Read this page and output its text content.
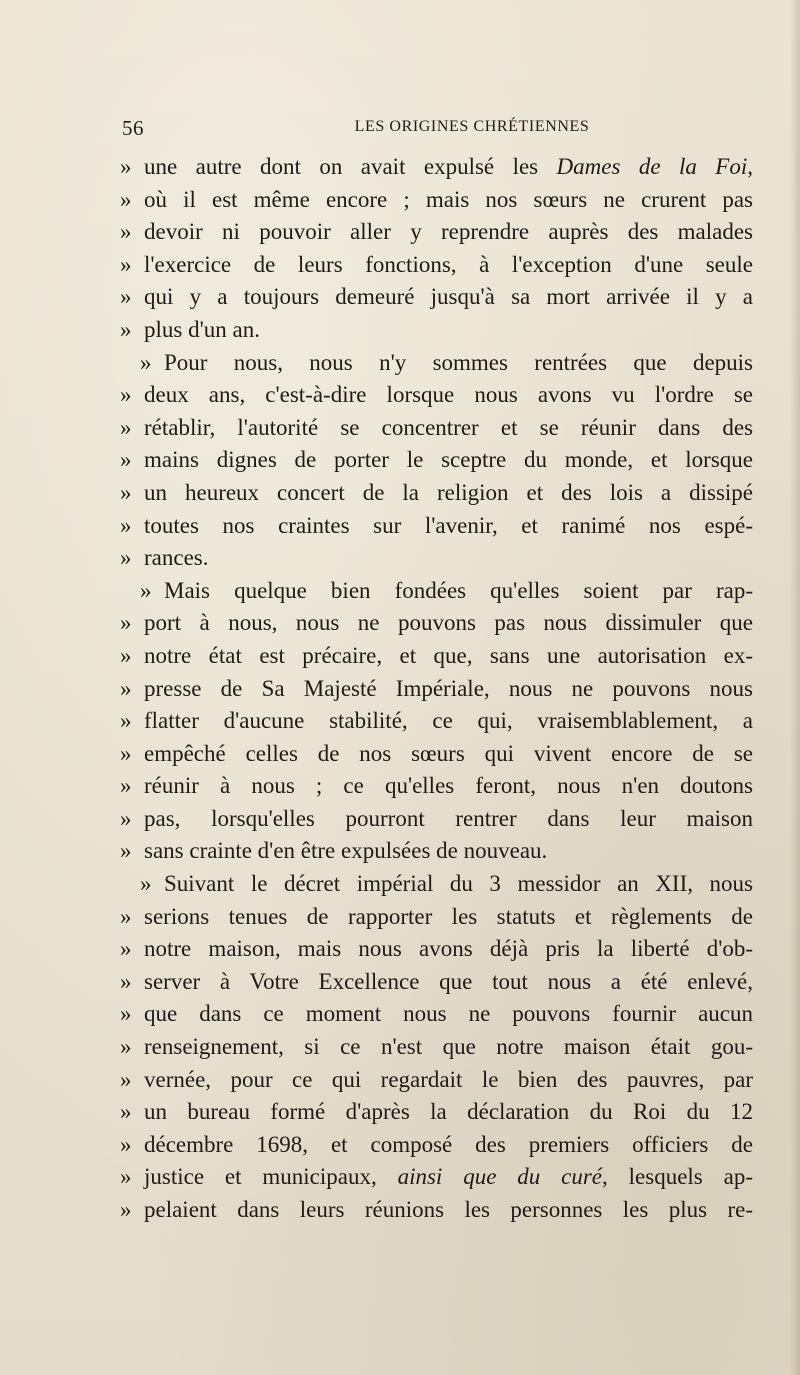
56	LES ORIGINES CHRÉTIENNES
» une autre dont on avait expulsé les Dames de la Foi,
» où il est même encore ; mais nos sœurs ne crurent pas
» devoir ni pouvoir aller y reprendre auprès des malades
» l'exercice de leurs fonctions, à l'exception d'une seule
» qui y a toujours demeuré jusqu'à sa mort arrivée il y a
» plus d'un an.
» Pour nous, nous n'y sommes rentrées que depuis
» deux ans, c'est-à-dire lorsque nous avons vu l'ordre se
» rétablir, l'autorité se concentrer et se réunir dans des
» mains dignes de porter le sceptre du monde, et lorsque
» un heureux concert de la religion et des lois a dissipé
» toutes nos craintes sur l'avenir, et ranimé nos espé-
» rances.
» Mais quelque bien fondées qu'elles soient par rap-
» port à nous, nous ne pouvons pas nous dissimuler que
» notre état est précaire, et que, sans une autorisation ex-
» presse de Sa Majesté Impériale, nous ne pouvons nous
» flatter d'aucune stabilité, ce qui, vraisemblablement, a
» empêché celles de nos sœurs qui vivent encore de se
» réunir à nous ; ce qu'elles feront, nous n'en doutons
» pas, lorsqu'elles pourront rentrer dans leur maison
» sans crainte d'en être expulsées de nouveau.
» Suivant le décret impérial du 3 messidor an XII, nous
» serions tenues de rapporter les statuts et règlements de
» notre maison, mais nous avons déjà pris la liberté d'ob-
» server à Votre Excellence que tout nous a été enlevé,
» que dans ce moment nous ne pouvons fournir aucun
» renseignement, si ce n'est que notre maison était gou-
» vernée, pour ce qui regardait le bien des pauvres, par
» un bureau formé d'après la déclaration du Roi du 12
» décembre 1698, et composé des premiers officiers de
» justice et municipaux, ainsi que du curé, lesquels ap-
» pelaient dans leurs réunions les personnes les plus re-
